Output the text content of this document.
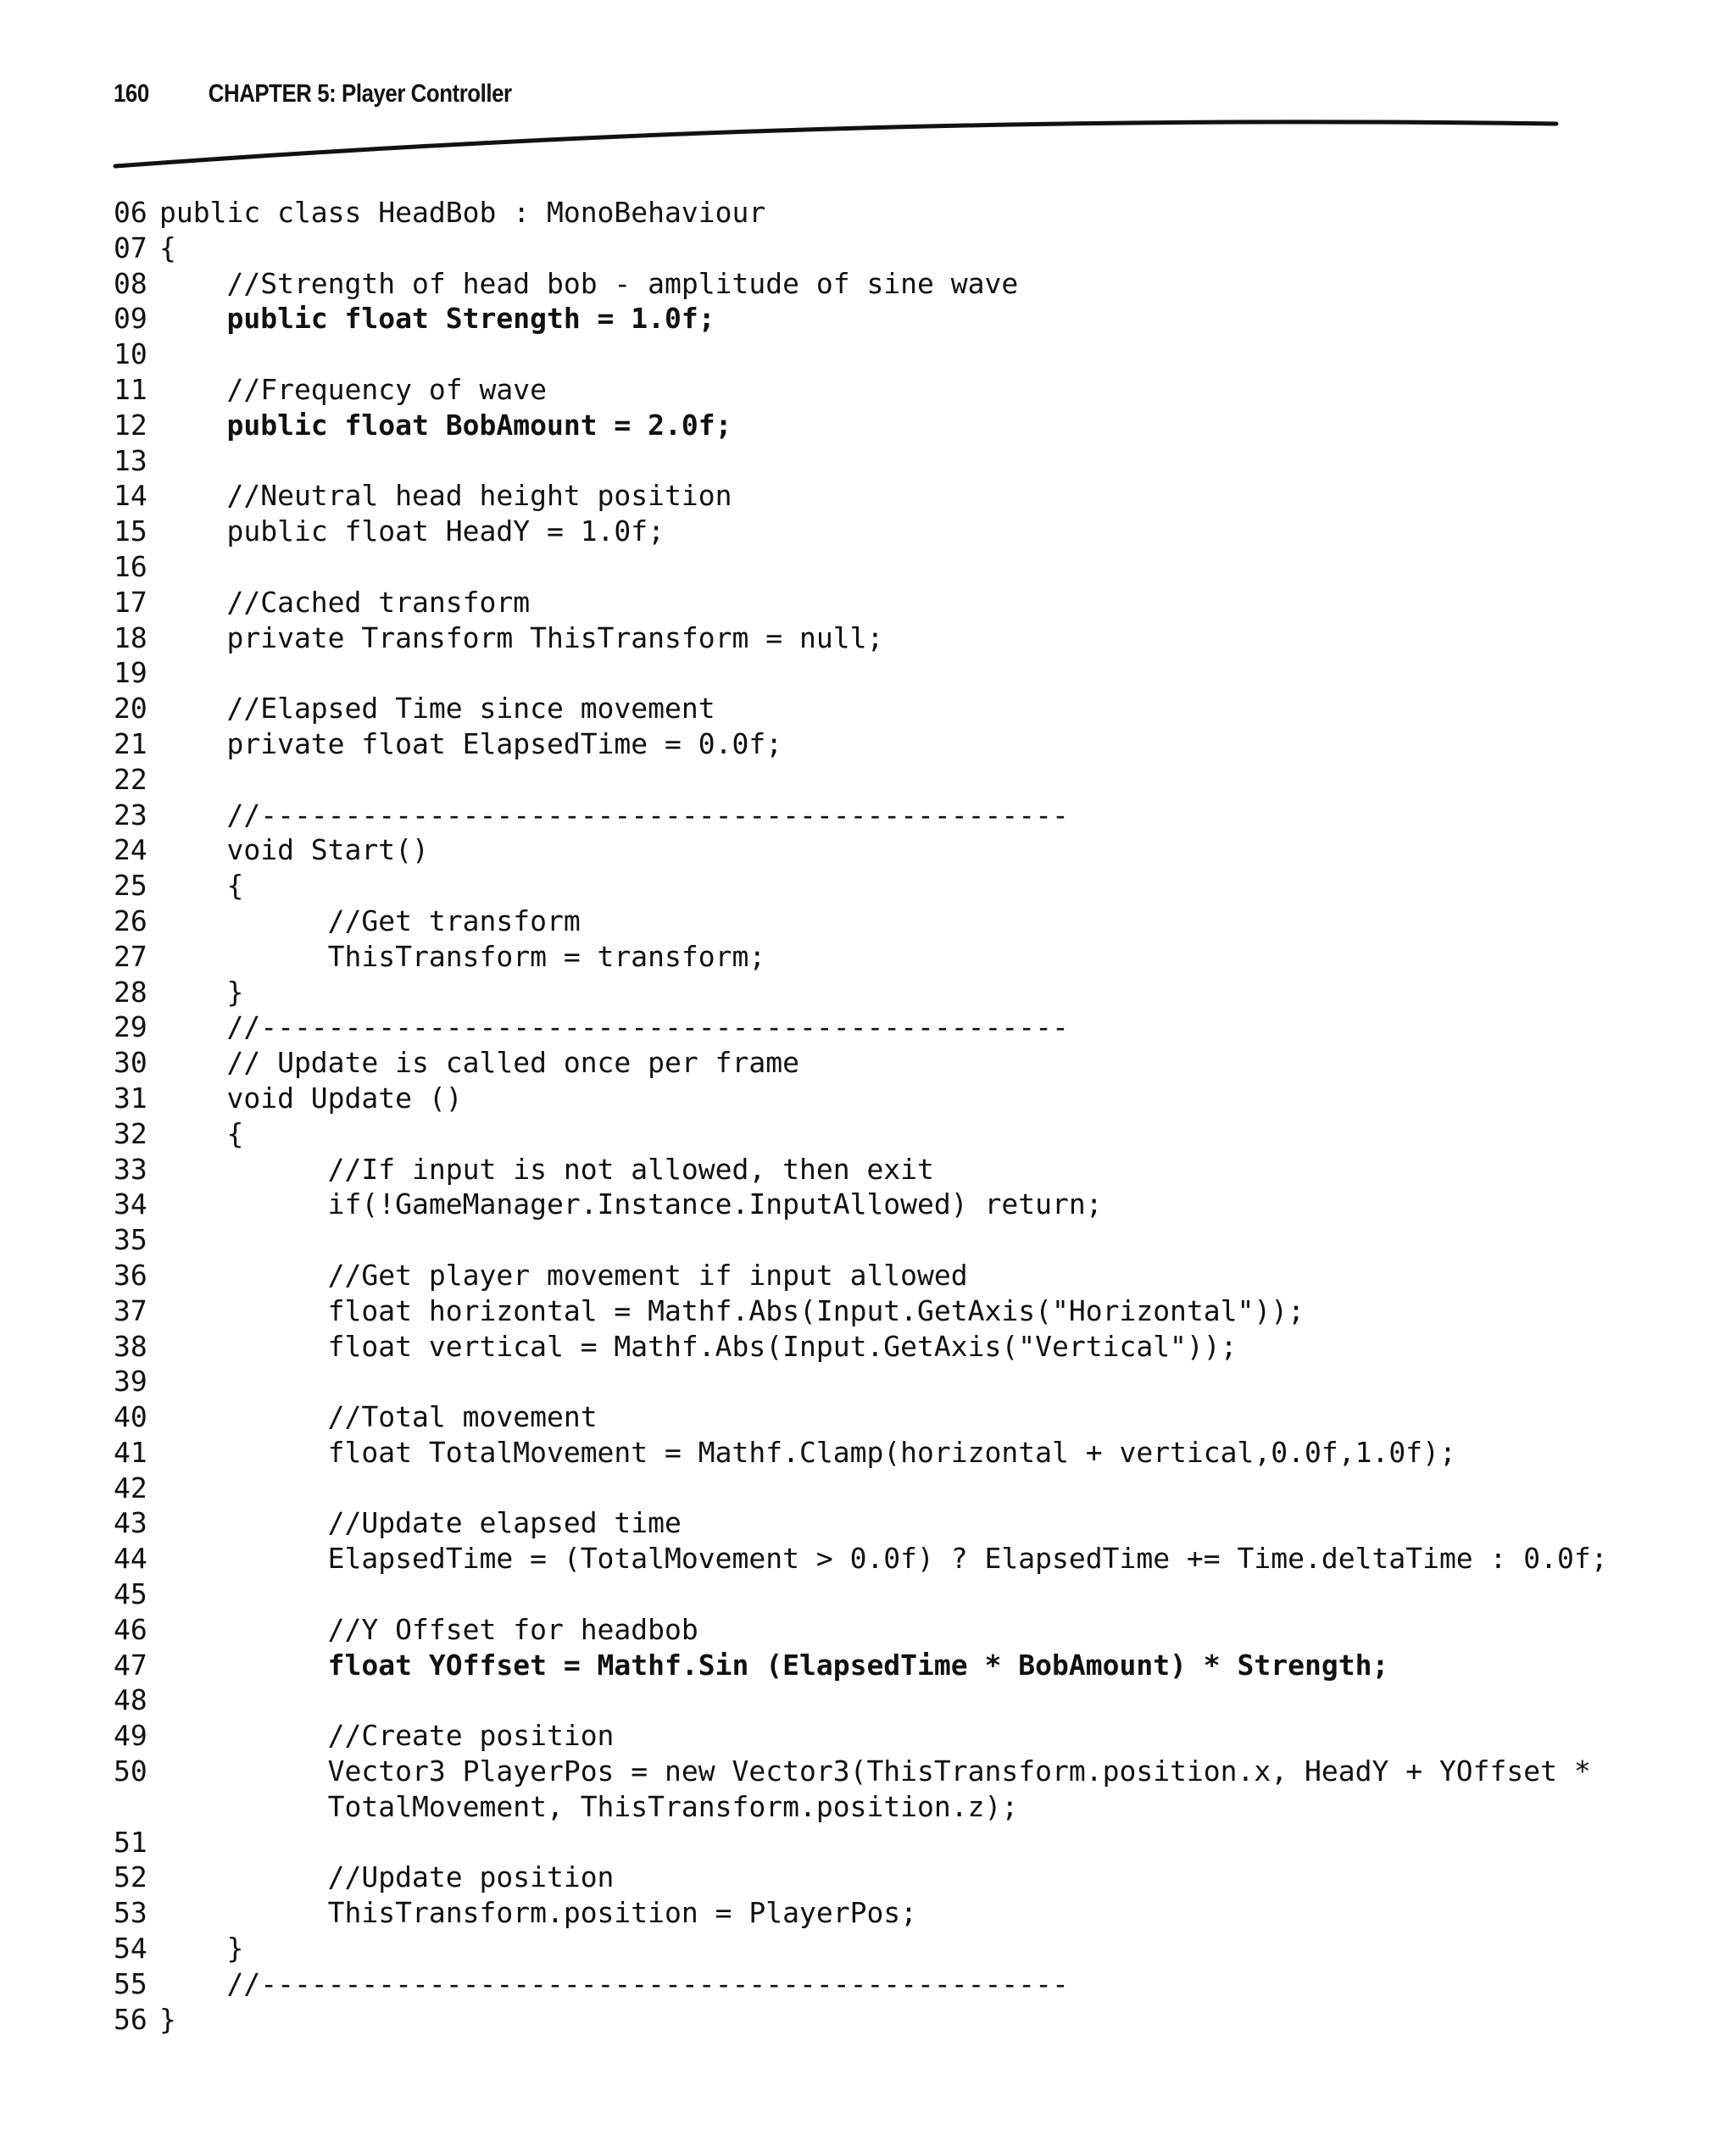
160	CHAPTER 5: Player Controller
06 public class HeadBob : MonoBehaviour
07 {
08 //Strength of head bob - amplitude of sine wave
09 public float Strength = 1.0f;
10
11 //Frequency of wave
12 public float BobAmount = 2.0f;
13
14 //Neutral head height position
15 public float HeadY = 1.0f;
16
17 //Cached transform
18 private Transform ThisTransform = null;
19
20 //Elapsed Time since movement
21 private float ElapsedTime = 0.0f;
22
23 //------------------------------------------------
24 void Start()
25 {
26 //Get transform
27 ThisTransform = transform;
28 }
29 //------------------------------------------------
30 // Update is called once per frame
31 void Update ()
32 {
33 //If input is not allowed, then exit
34 if(!GameManager.Instance.InputAllowed) return;
35
36 //Get player movement if input allowed
37 float horizontal = Mathf.Abs(Input.GetAxis("Horizontal"));
38 float vertical = Mathf.Abs(Input.GetAxis("Vertical"));
39
40 //Total movement
41 float TotalMovement = Mathf.Clamp(horizontal + vertical,0.0f,1.0f);
42
43 //Update elapsed time
44 ElapsedTime = (TotalMovement > 0.0f) ? ElapsedTime += Time.deltaTime : 0.0f;
45
46 //Y Offset for headbob
47 float YOffset = Mathf.Sin (ElapsedTime * BobAmount) * Strength;
48
49 //Create position
50 Vector3 PlayerPos = new Vector3(ThisTransform.position.x, HeadY + YOffset *
TotalMovement, ThisTransform.position.z);
51
52 //Update position
53 ThisTransform.position = PlayerPos;
54 }
55 //------------------------------------------------
56 }
